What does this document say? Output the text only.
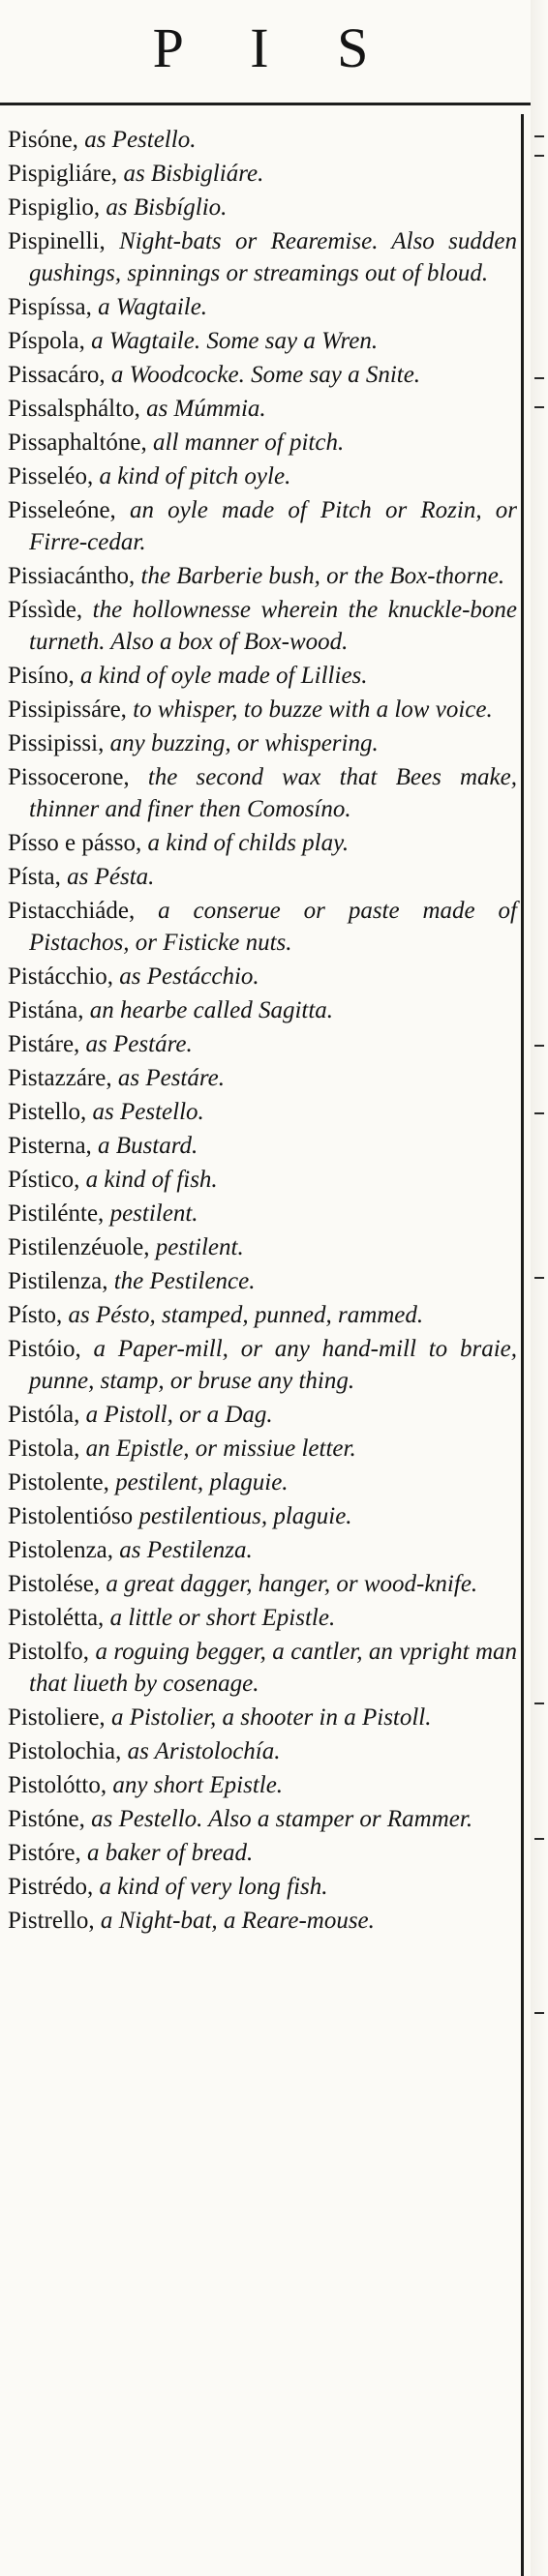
P I S

Pisóne, as Pestello.

Pispigliáre, as Bisbigliáre.

Pispiglio, as Bisbíglio.

Pispinelli, Night-bats or Rearemise. Also sudden gushings, spinnings or streamings out of bloud.

Pispíssa, a Wagtaile.

Píspola, a Wagtaile. Some say a Wren.

Pissacáro, a Woodcocke. Some say a Snite.

Pissalsphálto, as Múmmia.

Pissaphaltóne, all manner of pitch.

Pisseléo, a kind of pitch oyle.

Pisseleóne, an oyle made of Pitch or Rozin, or Firre-cedar.

Pissiacántho, the Barberie bush, or the Box-thorne.

Píssìde, the hollownesse wherein the knuckle-bone turneth. Also a box of Box-wood.

Pisíno, a kind of oyle made of Lillies.

Pissipissáre, to whisper, to buzze with a low voice.

Pissipissi, any buzzing, or whispering.

Pissocerone, the second wax that Bees make, thinner and finer then Comosíno.

Písso e pásso, a kind of childs play.

Písta, as Pésta.

Pistacchiáde, a conserue or paste made of Pistachos, or Fisticke nuts.

Pistácchio, as Pestácchio.

Pistána, an hearbe called Sagitta.

Pistáre, as Pestáre.

Pistazzáre, as Pestáre.

Pistello, as Pestello.

Pisterna, a Bustard.

Pístico, a kind of fish.

Pistilénte, pestilent.

Pistilenzéuole, pestilent.

Pistilenza, the Pestilence.

Písto, as Pésto, stamped, punned, rammed.

Pistóio, a Paper-mill, or any hand-mill to braie, punne, stamp, or bruse any thing.

Pistóla, a Pistoll, or a Dag.

Pistola, an Epistle, or missiue letter.

Pistolente, pestilent, plaguie.

Pistolentióso pestilentious, plaguie.

Pistolenza, as Pestilenza.

Pistolése, a great dagger, hanger, or wood-knife.

Pistolétta, a little or short Epistle.

Pistolfo, a roguing begger, a cantler, an vpright man that liueth by cosenage.

Pistoliere, a Pistolier, a shooter in a Pistoll.

Pistolochia, as Aristolochía.

Pistolótto, any short Epistle.

Pistóne, as Pestello. Also a stamper or Rammer.

Pistóre, a baker of bread.

Pistrédo, a kind of very long fish.

Pistrello, a Night-bat, a Reare-mouse.
